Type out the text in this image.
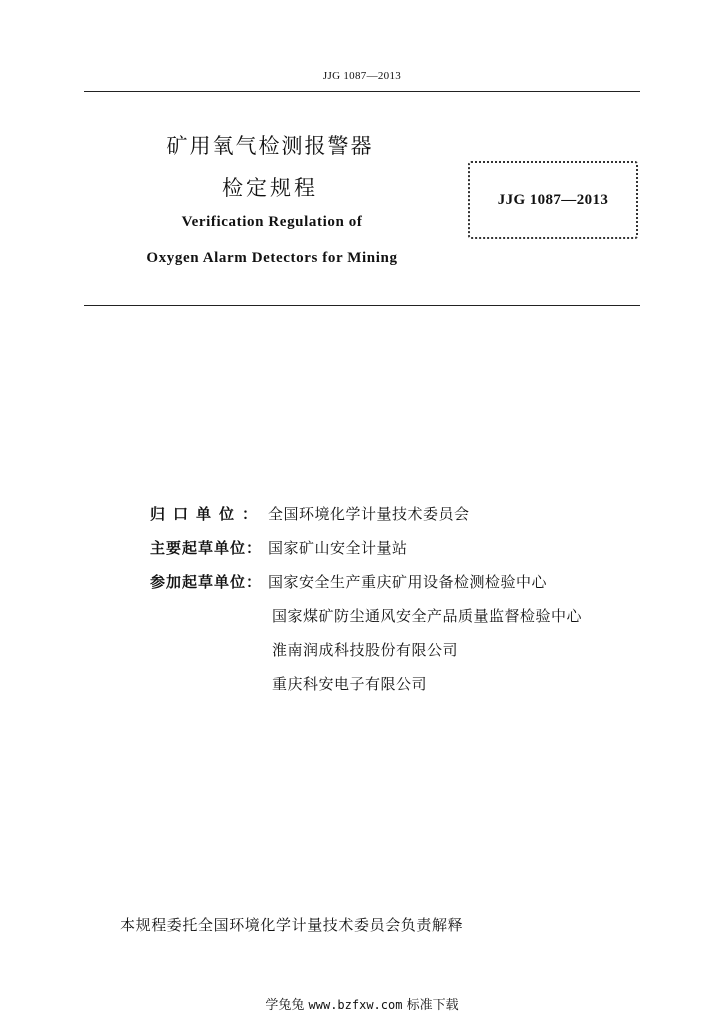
JJG 1087—2013
矿用氧气检测报警器
检定规程
Verification Regulation of
Oxygen Alarm Detectors for Mining
JJG 1087—2013
归口单位： 全国环境化学计量技术委员会
主要起草单位： 国家矿山安全计量站
参加起草单位： 国家安全生产重庆矿用设备检测检验中心
国家煤矿防尘通风安全产品质量监督检验中心
淮南润成科技股份有限公司
重庆科安电子有限公司
本规程委托全国环境化学计量技术委员会负责解释
学兔兔 www.bzfxw.com 标准下载
